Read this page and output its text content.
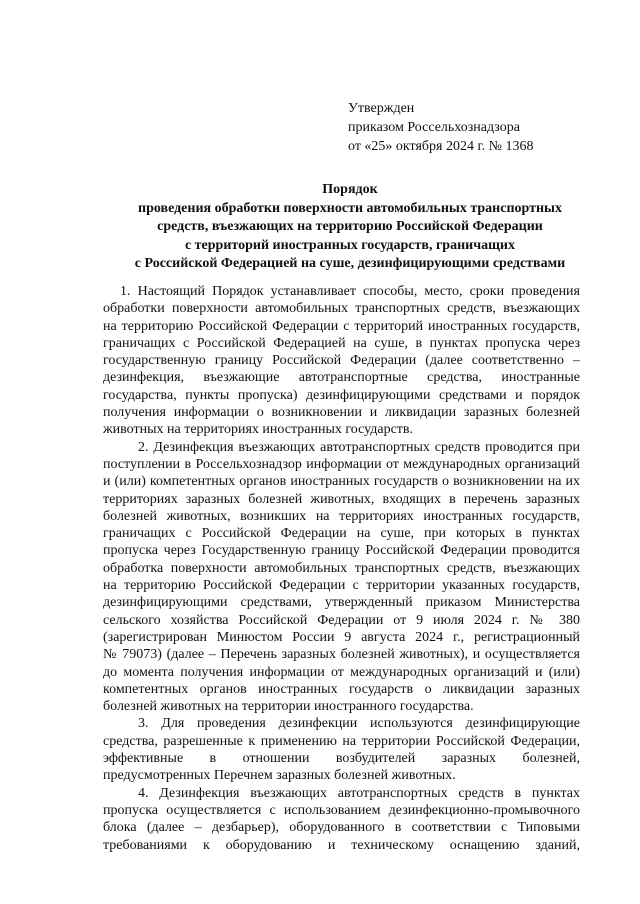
Утвержден
приказом Россельхознадзора
от «25» октября 2024 г. № 1368
Порядок
проведения обработки поверхности автомобильных транспортных
средств, въезжающих на территорию Российской Федерации
с территорий иностранных государств, граничащих
с Российской Федерацией на суше, дезинфицирующими средствами
1. Настоящий Порядок устанавливает способы, место, сроки проведения
обработки поверхности автомобильных транспортных средств, въезжающих
на территорию Российской Федерации с территорий иностранных государств,
граничащих с Российской Федерацией на суше, в пунктах пропуска через
государственную границу Российской Федерации (далее соответственно –
дезинфекция, въезжающие автотранспортные средства, иностранные
государства, пункты пропуска) дезинфицирующими средствами и порядок
получения информации о возникновении и ликвидации заразных болезней
животных на территориях иностранных государств.
2. Дезинфекция въезжающих автотранспортных средств проводится при
поступлении в Россельхознадзор информации от международных организаций
и (или) компетентных органов иностранных государств о возникновении на их
территориях заразных болезней животных, входящих в перечень заразных
болезней животных, возникших на территориях иностранных государств,
граничащих с Российской Федерации на суше, при которых в пунктах
пропуска через Государственную границу Российской Федерации проводится
обработка поверхности автомобильных транспортных средств, въезжающих
на территорию Российской Федерации с территории указанных государств,
дезинфицирующими средствами, утвержденный приказом Министерства
сельского хозяйства Российской Федерации от 9 июля 2024 г. № 380
(зарегистрирован Минюстом России 9 августа 2024 г., регистрационный
№ 79073) (далее – Перечень заразных болезней животных), и осуществляется
до момента получения информации от международных организаций и (или)
компетентных органов иностранных государств о ликвидации заразных
болезней животных на территории иностранного государства.
3. Для проведения дезинфекции используются дезинфицирующие
средства, разрешенные к применению на территории Российской Федерации,
эффективные в отношении возбудителей заразных болезней,
предусмотренных Перечнем заразных болезней животных.
4. Дезинфекция въезжающих автотранспортных средств в пунктах
пропуска осуществляется с использованием дезинфекционно-промывочного
блока (далее – дезбарьер), оборудованного в соответствии с Типовыми
требованиями к оборудованию и техническому оснащению зданий,
